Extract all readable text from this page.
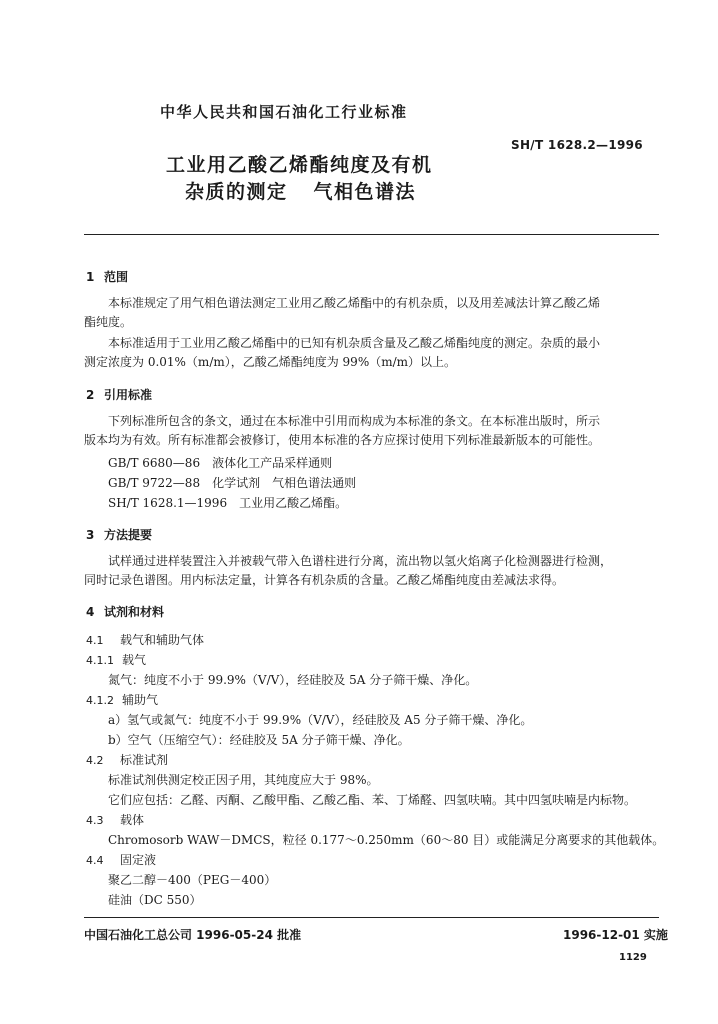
中华人民共和国石油化工行业标准
SH/T 1628.2—1996
工业用乙酸乙烯酯纯度及有机
杂质的测定 气相色谱法
1 范围
本标准规定了用气相色谱法测定工业用乙酸乙烯酯中的有机杂质，以及用差减法计算乙酸乙烯
酯纯度。
本标准适用于工业用乙酸乙烯酯中的已知有机杂质含量及乙酸乙烯酯纯度的测定。杂质的最小
测定浓度为 0.01%（m/m），乙酸乙烯酯纯度为 99%（m/m）以上。
2 引用标准
下列标准所包含的条文，通过在本标准中引用而构成为本标准的条文。在本标准出版时，所示
版本均为有效。所有标准都会被修订，使用本标准的各方应探讨使用下列标准最新版本的可能性。
GB/T 6680—86　液体化工产品采样通则
GB/T 9722—88　化学试剂　气相色谱法通则
SH/T 1628.1—1996　工业用乙酸乙烯酯。
3 方法提要
试样通过进样装置注入并被载气带入色谱柱进行分离，流出物以氢火焰离子化检测器进行检测，
同时记录色谱图。用内标法定量，计算各有机杂质的含量。乙酸乙烯酯纯度由差减法求得。
4 试剂和材料
4.1 载气和辅助气体
4.1.1 载气
氮气：纯度不小于 99.9%（V/V），经硅胶及 5A 分子筛干燥、净化。
4.1.2 辅助气
a）氢气或氮气：纯度不小于 99.9%（V/V），经硅胶及 A5 分子筛干燥、净化。
b）空气（压缩空气）：经硅胶及 5A 分子筛干燥、净化。
4.2 标准试剂
标准试剂供测定校正因子用，其纯度应大于 98%。
它们应包括：乙醛、丙酮、乙酸甲酯、乙酸乙酯、苯、丁烯醛、四氢呋喃。其中四氢呋喃是内标物。
4.3 载体
Chromosorb WAW－DMCS，粒径 0.177～0.250mm（60～80 目）或能满足分离要求的其他载体。
4.4 固定液
聚乙二醇－400（PEG－400）
硅油（DC 550）
中国石油化工总公司 1996-05-24 批准	1996-12-01 实施
1129
